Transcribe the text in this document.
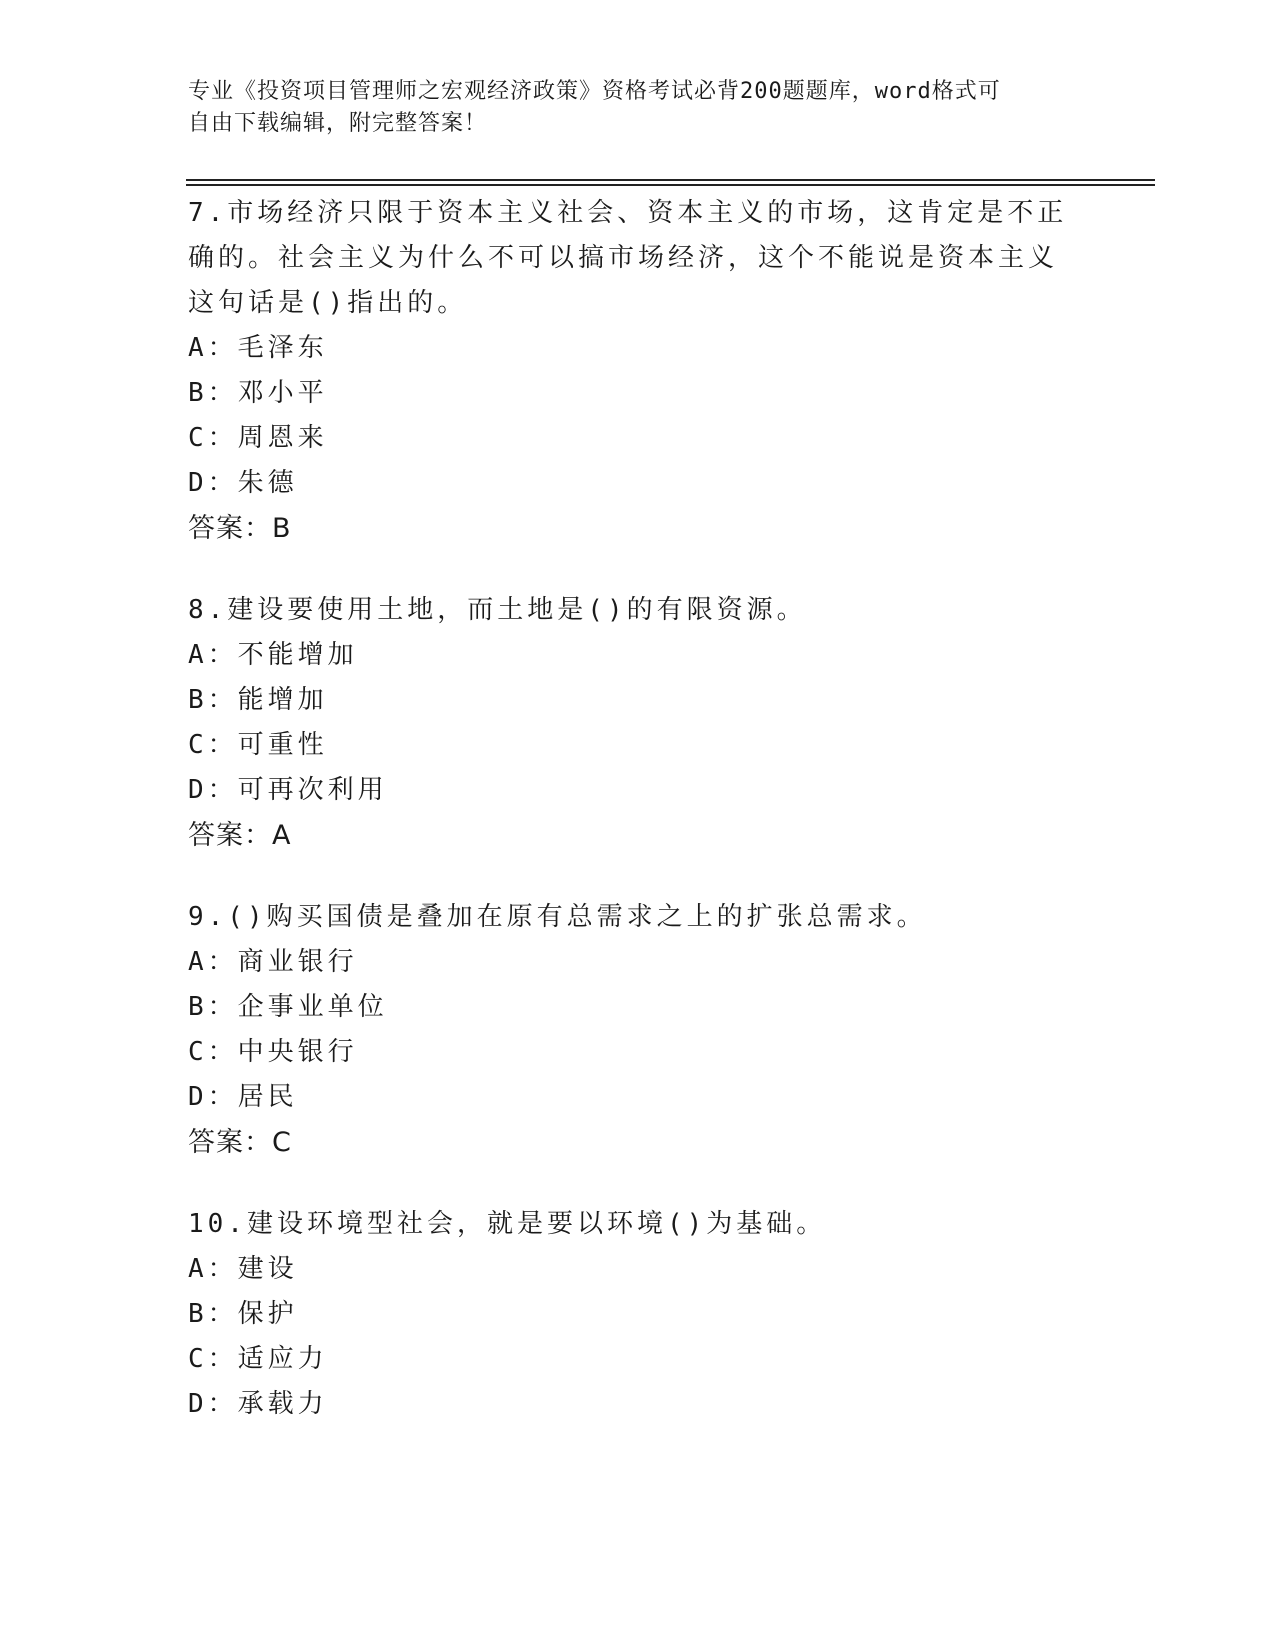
专业《投资项目管理师之宏观经济政策》资格考试必背200题题库，word格式可
自由下载编辑，附完整答案！

7.市场经济只限于资本主义社会、资本主义的市场，这肯定是不正确的。社会主义为什么不可以搞市场经济，这个不能说是资本主义这句话是()指出的。

A：毛泽东

B：邓小平

C：周恩来

D：朱德

答案：B

8.建设要使用土地，而土地是()的有限资源。

A：不能增加

B：能增加

C：可重性

D：可再次利用

答案：A

9.()购买国债是叠加在原有总需求之上的扩张总需求。

A：商业银行

B：企事业单位

C：中央银行

D：居民

答案：C

10.建设环境型社会，就是要以环境()为基础。

A：建设

B：保护

C：适应力

D：承载力
